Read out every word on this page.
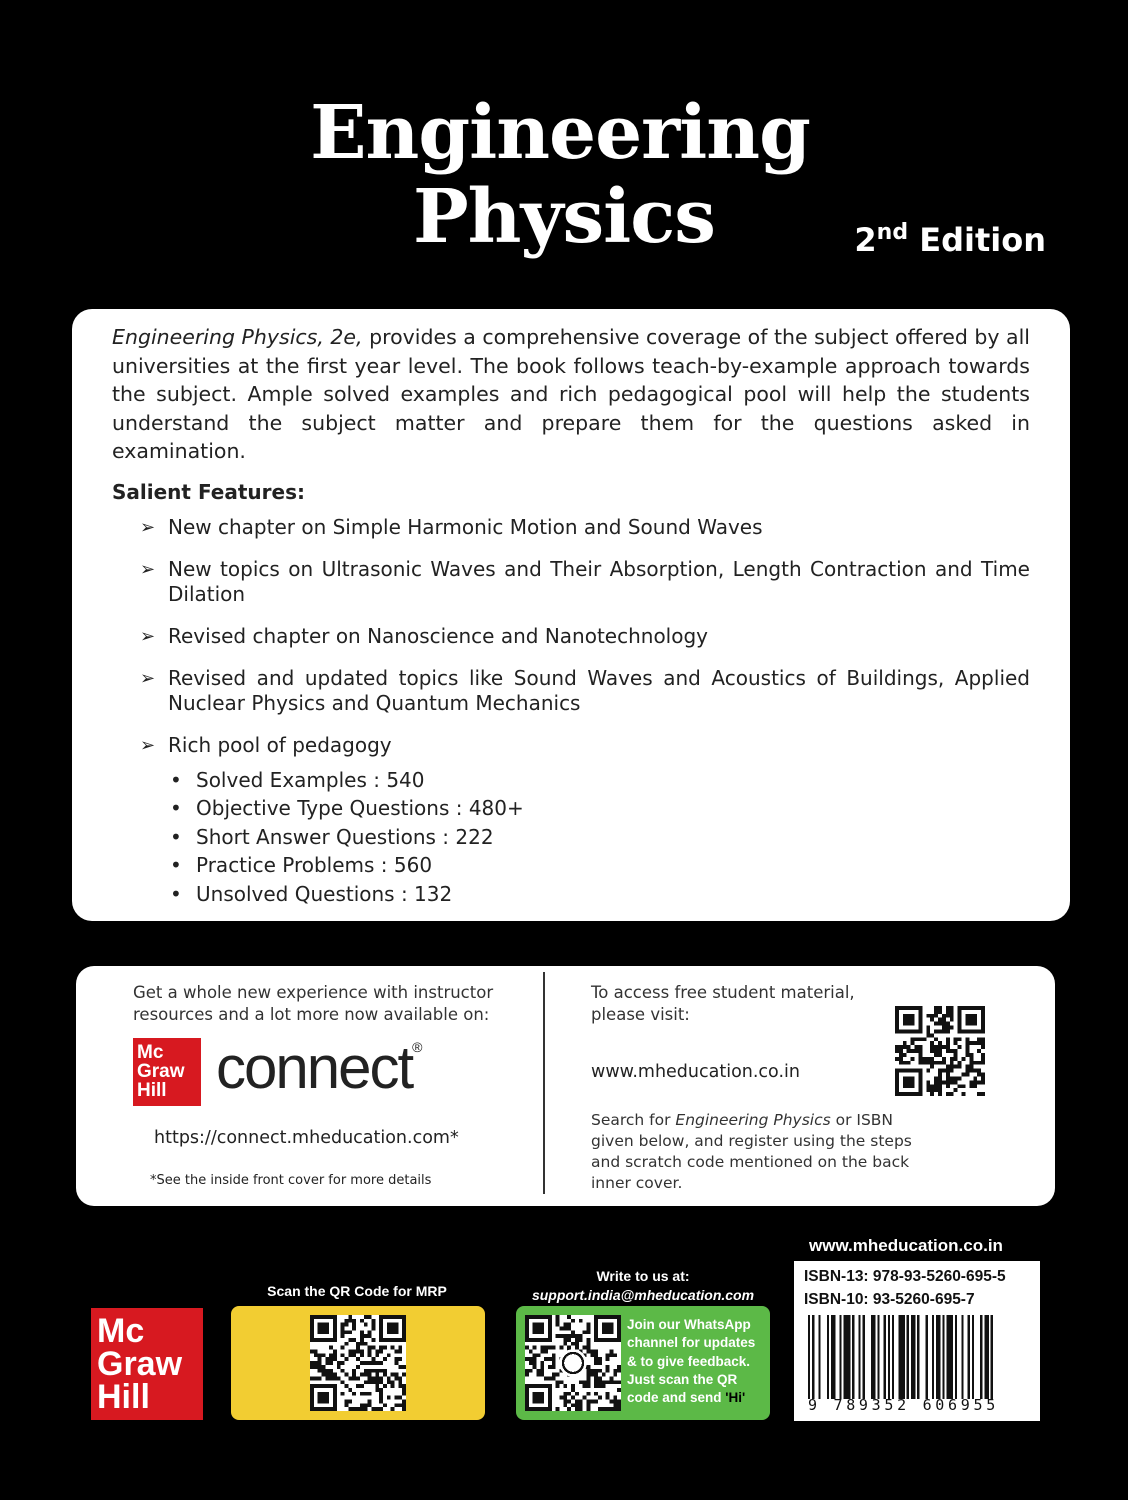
Engineering
Physics	2nd Edition

Engineering Physics, 2e, provides a comprehensive coverage of the subject offered by all universities at the first year level. The book follows teach-by-example approach towards the subject. Ample solved examples and rich pedagogical pool will help the students understand the subject matter and prepare them for the questions asked in examination.

Salient Features:
➢ New chapter on Simple Harmonic Motion and Sound Waves
➢ New topics on Ultrasonic Waves and Their Absorption, Length Contraction and Time Dilation
➢ Revised chapter on Nanoscience and Nanotechnology
➢ Revised and updated topics like Sound Waves and Acoustics of Buildings, Applied Nuclear Physics and Quantum Mechanics
➢ Rich pool of pedagogy
• Solved Examples : 540
• Objective Type Questions : 480+
• Short Answer Questions : 222
• Practice Problems : 560
• Unsolved Questions : 132
Get a whole new experience with instructor resources and a lot more now available on:
Mc
Graw
Hill connect®
https://connect.mheducation.com*
*See the inside front cover for more details
To access free student material, please visit:
www.mheducation.co.in
Search for Engineering Physics or ISBN given below, and register using the steps and scratch code mentioned on the back inner cover.
Mc
Graw
Hill
Scan the QR Code for MRP
Write to us at:
support.india@mheducation.com
Join our WhatsApp channel for updates & to give feedback. Just scan the QR code and send 'Hi'
www.mheducation.co.in
ISBN-13: 978-93-5260-695-5
ISBN-10: 93-5260-695-7
9 789352 606955
